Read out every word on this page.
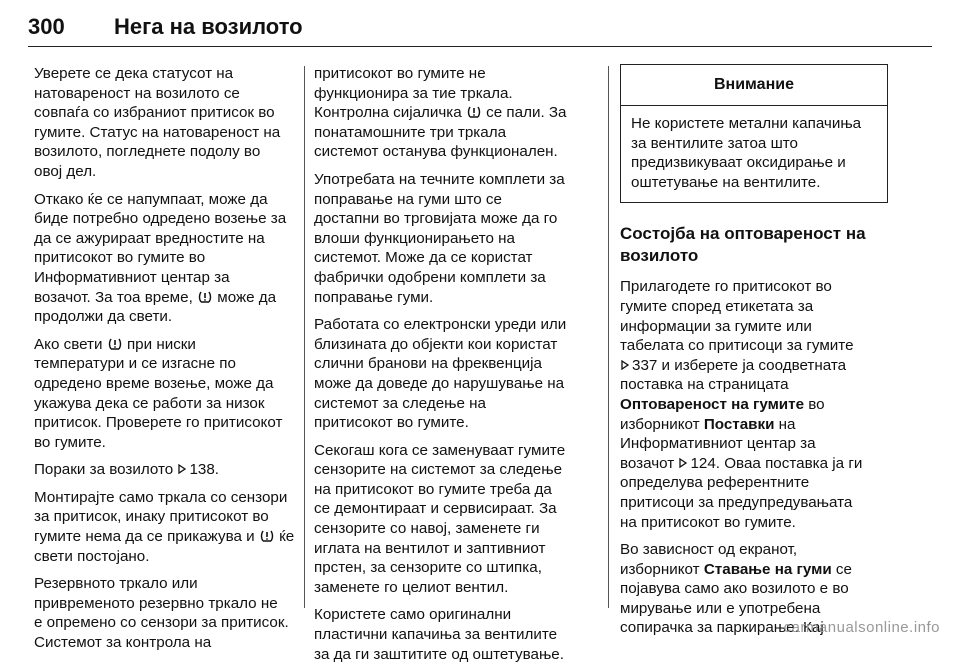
300	Нега на возилото

Уверете се дека статусот на
натовареност на возилото се
совпаѓа со избраниот притисок во
гумите. Статус на натовареност на
возилото, погледнете подолу во
овој дел.

Откако ќе се напумпаат, може да
биде потребно одредено возење за
да се ажурираат вредностите на
притисокот во гумите во
Информативниот центар за
возачот. За тоа време, може да
продолжи да свети.

Ако свети при ниски
температури и се изгасне по
одредено време возење, може да
укажува дека се работи за низок
притисок. Проверете го притисокот
во гумите.

Пораки за возилото 138.

Монтирајте само тркала со сензори
за притисок, инаку притисокот во
гумите нема да се прикажува и ќе
свети постојано.

Резервното тркало или
привременото резервно тркало не
е опремено со сензори за притисок.
Системот за контрола на

притисокот во гумите не
функционира за тие тркала.
Контролна сијаличка се пали. За
понатамошните три тркала
системот останува функционален.

Употребата на течните комплети за
поправање на гуми што се
достапни во трговијата може да го
влоши функционирањето на
системот. Може да се користат
фабрички одобрени комплети за
поправање гуми.

Работата со електронски уреди или
близината до објекти кои користат
слични бранови на фреквенција
може да доведе до нарушување на
системот за следење на
притисокот во гумите.

Секогаш кога се заменуваат гумите
сензорите на системот за следење
на притисокот во гумите треба да
се демонтираат и сервисираат. За
сензорите со навој, заменете ги
иглата на вентилот и заптивниот
прстен, за сензорите со штипка,
заменете го целиот вентил.

Користете само оригинални
пластични капачиња за вентилите
за да ги заштитите од оштетување.

Внимание
Не користете метални капачиња
за вентилите затоа што
предизвикуваат оксидирање и
оштетување на вентилите.
Состојба на оптовареност на
возилото

Прилагодете го притисокот во
гумите според етикетата за
информации за гумите или
табелата со притисоци за гумите
337 и изберете ја соодветната
поставка на страницата
Оптовареност на гумите во
изборникот Поставки на
Информативниот центар за
возачот 124. Оваа поставка ја ги
определува референтните
притисоци за предупредувањата
на притисокот во гумите.

Во зависност од екранот,
изборникот Ставање на гуми се
појавува само ако возилото е во
мирување или е употребена
сопирачка за паркирање. Кај

carmanualsonline.info
